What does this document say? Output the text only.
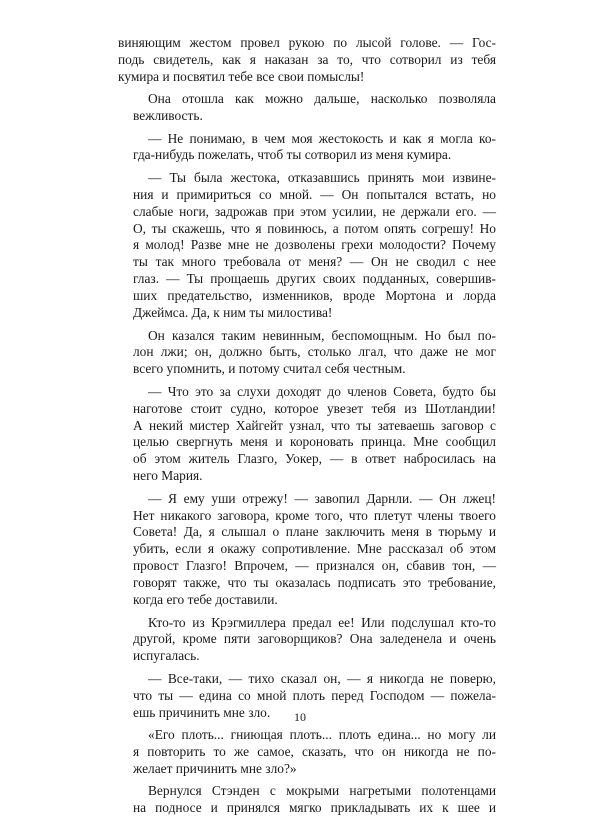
виняющим жестом провел рукою по лысой голове. — Гос-
подь свидетель, как я наказан за то, что сотворил из тебя
кумира и посвятил тебе все свои помыслы!
Она отошла как можно дальше, насколько позволяла
вежливость.
— Не понимаю, в чем моя жестокость и как я могла ко-
гда-нибудь пожелать, чтоб ты сотворил из меня кумира.
— Ты была жестока, отказавшись принять мои извине-
ния и примириться со мной. — Он попытался встать, но
слабые ноги, задрожав при этом усилии, не держали его. —
О, ты скажешь, что я повинюсь, а потом опять согрешу! Но
я молод! Разве мне не дозволены грехи молодости? Почему
ты так много требовала от меня? — Он не сводил с нее
глаз. — Ты прощаешь других своих подданных, совершив-
ших предательство, изменников, вроде Мортона и лорда
Джеймса. Да, к ним ты милостива!
Он казался таким невинным, беспомощным. Но был по-
лон лжи; он, должно быть, столько лгал, что даже не мог
всего упомнить, и потому считал себя честным.
— Что это за слухи доходят до членов Совета, будто бы
наготове стоит судно, которое увезет тебя из Шотландии!
А некий мистер Хайгейт узнал, что ты затеваешь заговор с
целью свергнуть меня и короновать принца. Мне сообщил
об этом житель Глазго, Уокер, — в ответ набросилась на
него Мария.
— Я ему уши отрежу! — завопил Дарнли. — Он лжец!
Нет никакого заговора, кроме того, что плетут члены твоего
Совета! Да, я слышал о плане заключить меня в тюрьму и
убить, если я окажу сопротивление. Мне рассказал об этом
провост Глазго! Впрочем, — признался он, сбавив тон, —
говорят также, что ты оказалась подписать это требование,
когда его тебе доставили.
Кто-то из Крэгмиллера предал ее! Или подслушал кто-то
другой, кроме пяти заговорщиков? Она заледенела и очень
испугалась.
— Все-таки, — тихо сказал он, — я никогда не поверю,
что ты — едина со мной плоть перед Господом — пожела-
ешь причинить мне зло.
«Его плоть... гниющая плоть... плоть едина... но могу ли
я повторить то же самое, сказать, что он никогда не по-
желает причинить мне зло?»
Вернулся Стэнден с мокрыми нагретыми полотенцами
на подносе и принялся мягко прикладывать их к шее и
10
